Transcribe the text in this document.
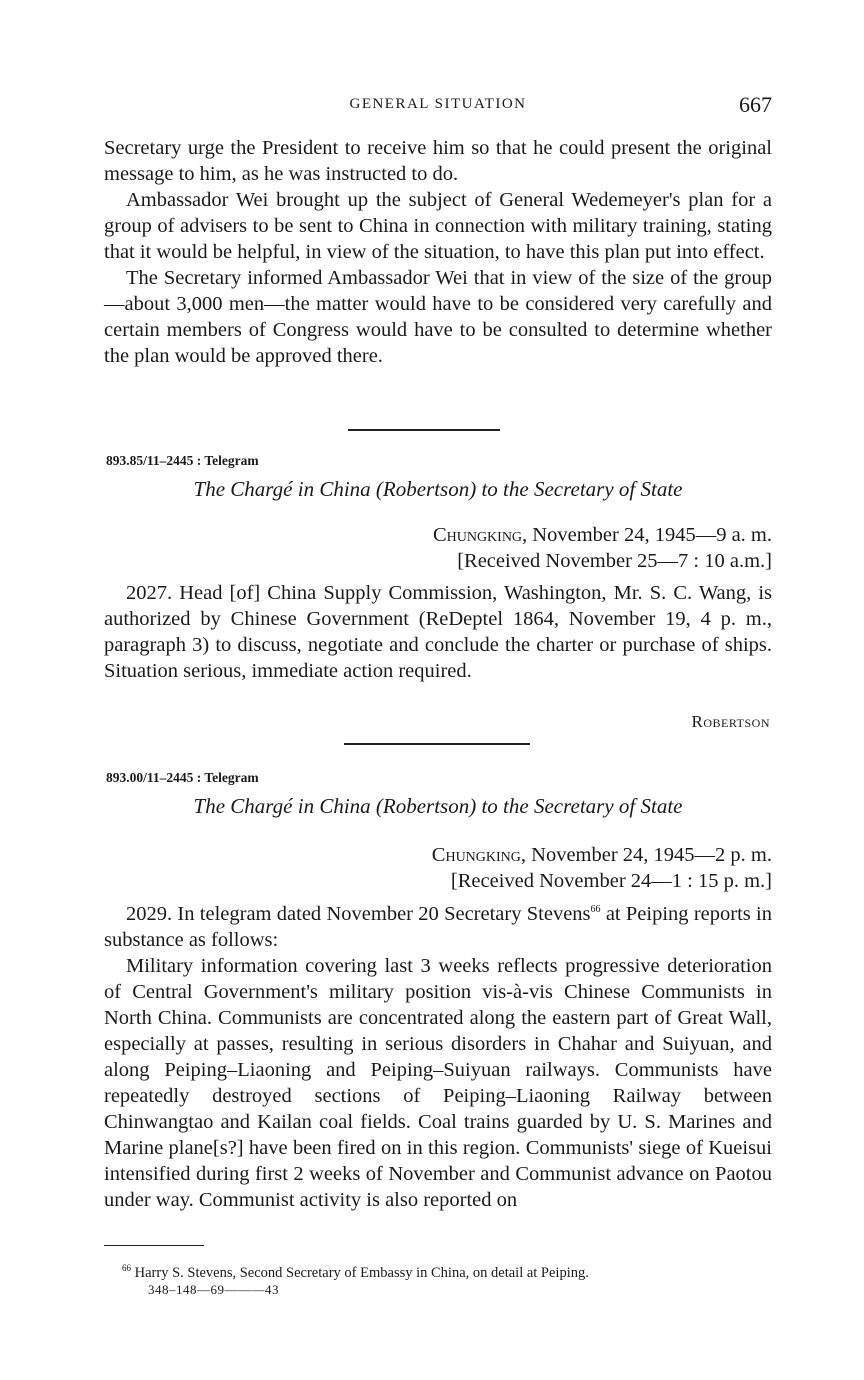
GENERAL SITUATION	667

Secretary urge the President to receive him so that he could present the original message to him, as he was instructed to do.

Ambassador Wei brought up the subject of General Wedemeyer's plan for a group of advisers to be sent to China in connection with military training, stating that it would be helpful, in view of the situation, to have this plan put into effect.

The Secretary informed Ambassador Wei that in view of the size of the group—about 3,000 men—the matter would have to be considered very carefully and certain members of Congress would have to be consulted to determine whether the plan would be approved there.

893.85/11–2445 : Telegram
The Chargé in China (Robertson) to the Secretary of State
Chungking, November 24, 1945—9 a. m.
[Received November 25—7 : 10 a.m.]
2027. Head [of] China Supply Commission, Washington, Mr. S. C. Wang, is authorized by Chinese Government (ReDeptel 1864, November 19, 4 p. m., paragraph 3) to discuss, negotiate and conclude the charter or purchase of ships. Situation serious, immediate action required.
Robertson
893.00/11–2445 : Telegram
The Chargé in China (Robertson) to the Secretary of State
Chungking, November 24, 1945—2 p. m.
[Received November 24—1 : 15 p. m.]

2029. In telegram dated November 20 Secretary Stevens$^{66}$ at Peiping reports in substance as follows:

Military information covering last 3 weeks reflects progressive deterioration of Central Government's military position vis-à-vis Chinese Communists in North China. Communists are concentrated along the eastern part of Great Wall, especially at passes, resulting in serious disorders in Chahar and Suiyuan, and along Peiping–Liaoning and Peiping–Suiyuan railways. Communists have repeatedly destroyed sections of Peiping–Liaoning Railway between Chinwangtao and Kailan coal fields. Coal trains guarded by U. S. Marines and Marine plane[s?] have been fired on in this region. Communists' siege of Kueisui intensified during first 2 weeks of November and Communist advance on Paotou under way. Communist activity is also reported on

$^{66}$ Harry S. Stevens, Second Secretary of Embassy in China, on detail at Peiping.
348–148—69———43
